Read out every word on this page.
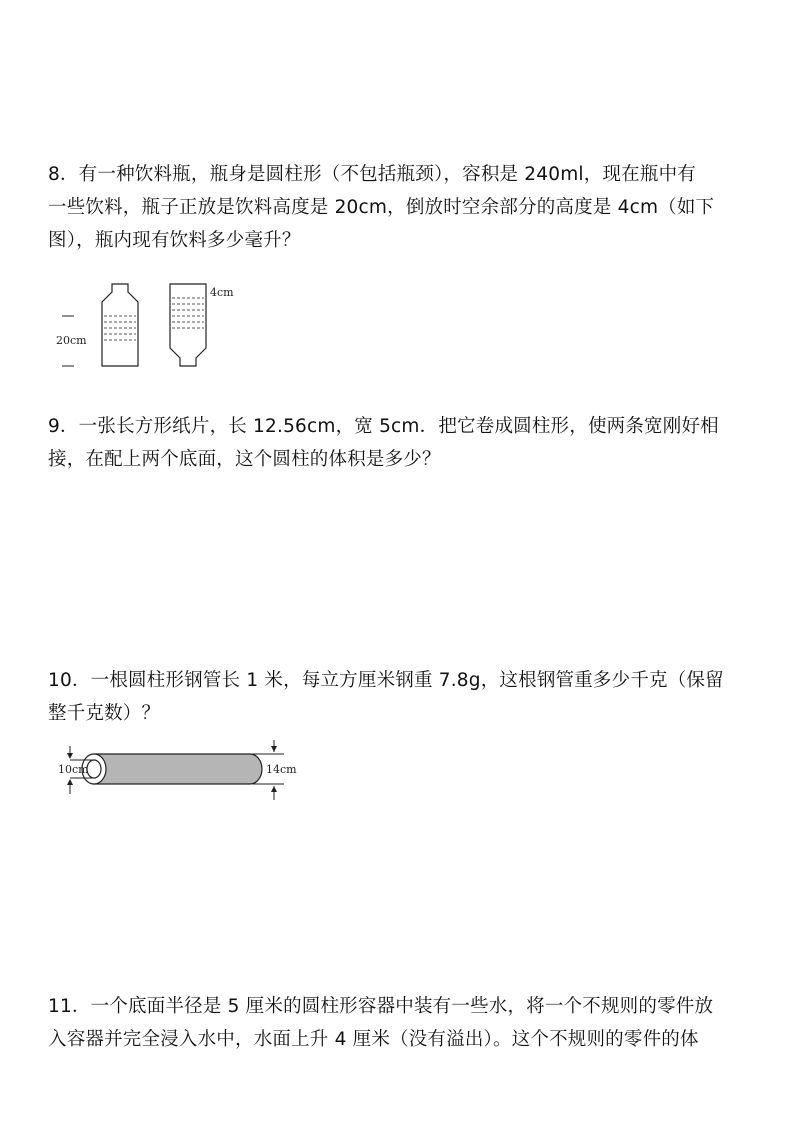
8．有一种饮料瓶，瓶身是圆柱形（不包括瓶颈），容积是 240ml，现在瓶中有

一些饮料，瓶子正放是饮料高度是 20cm，倒放时空余部分的高度是 4cm（如下

图），瓶内现有饮料多少毫升？

20cm
4cm

9．一张长方形纸片，长 12.56cm，宽 5cm．把它卷成圆柱形，使两条宽刚好相

接，在配上两个底面，这个圆柱的体积是多少？

10．一根圆柱形钢管长 1 米，每立方厘米钢重 7.8g，这根钢管重多少千克（保留

整千克数）？

10cm	14cm

11．一个底面半径是 5 厘米的圆柱形容器中装有一些水，将一个不规则的零件放

入容器并完全浸入水中，水面上升 4 厘米（没有溢出）。这个不规则的零件的体
